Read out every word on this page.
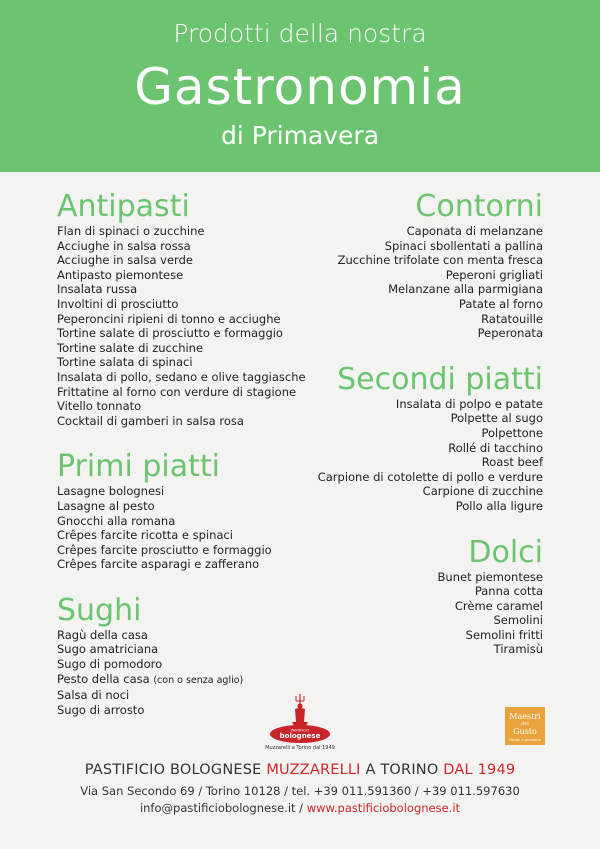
Prodotti della nostra
Gastronomia
di Primavera
Antipasti
Flan di spinaci o zucchine
Acciughe in salsa rossa
Acciughe in salsa verde
Antipasto piemontese
Insalata russa
Involtini di prosciutto
Peperoncini ripieni di tonno e acciughe
Tortine salate di prosciutto e formaggio
Tortine salate di zucchine
Tortine salata di spinaci
Insalata di pollo, sedano e olive taggiasche
Frittatine al forno con verdure di stagione
Vitello tonnato
Cocktail di gamberi in salsa rosa
Primi piatti
Lasagne bolognesi
Lasagne al pesto
Gnocchi alla romana
Crêpes farcite ricotta e spinaci
Crêpes farcite prosciutto e formaggio
Crêpes farcite asparagi e zafferano
Sughi
Ragù della casa
Sugo amatriciana
Sugo di pomodoro
Pesto della casa (con o senza aglio)
Salsa di noci
Sugo di arrosto
Contorni
Caponata di melanzane
Spinaci sbollentati a pallina
Zucchine trifolate con menta fresca
Peperoni grigliati
Melanzane alla parmigiana
Patate al forno
Ratatouille
Peperonata
Secondi piatti
Insalata di polpo e patate
Polpette al sugo
Polpettone
Rollé di tacchino
Roast beef
Carpione di cotolette di pollo e verdure
Carpione di zucchine
Pollo alla ligure
Dolci
Bunet piemontese
Panna cotta
Crème caramel
Semolini
Semolini fritti
Tiramisù
PASTIFICIO
bolognese
Muzzarelli a Torino dal 1949
Maestri
del
Gusto
Torino e provincia
PASTIFICIO BOLOGNESE MUZZARELLI A TORINO DAL 1949
Via San Secondo 69 / Torino 10128 / tel. +39 011.591360 / +39 011.597630
info@pastificiobolognese.it / www.pastificiobolognese.it
